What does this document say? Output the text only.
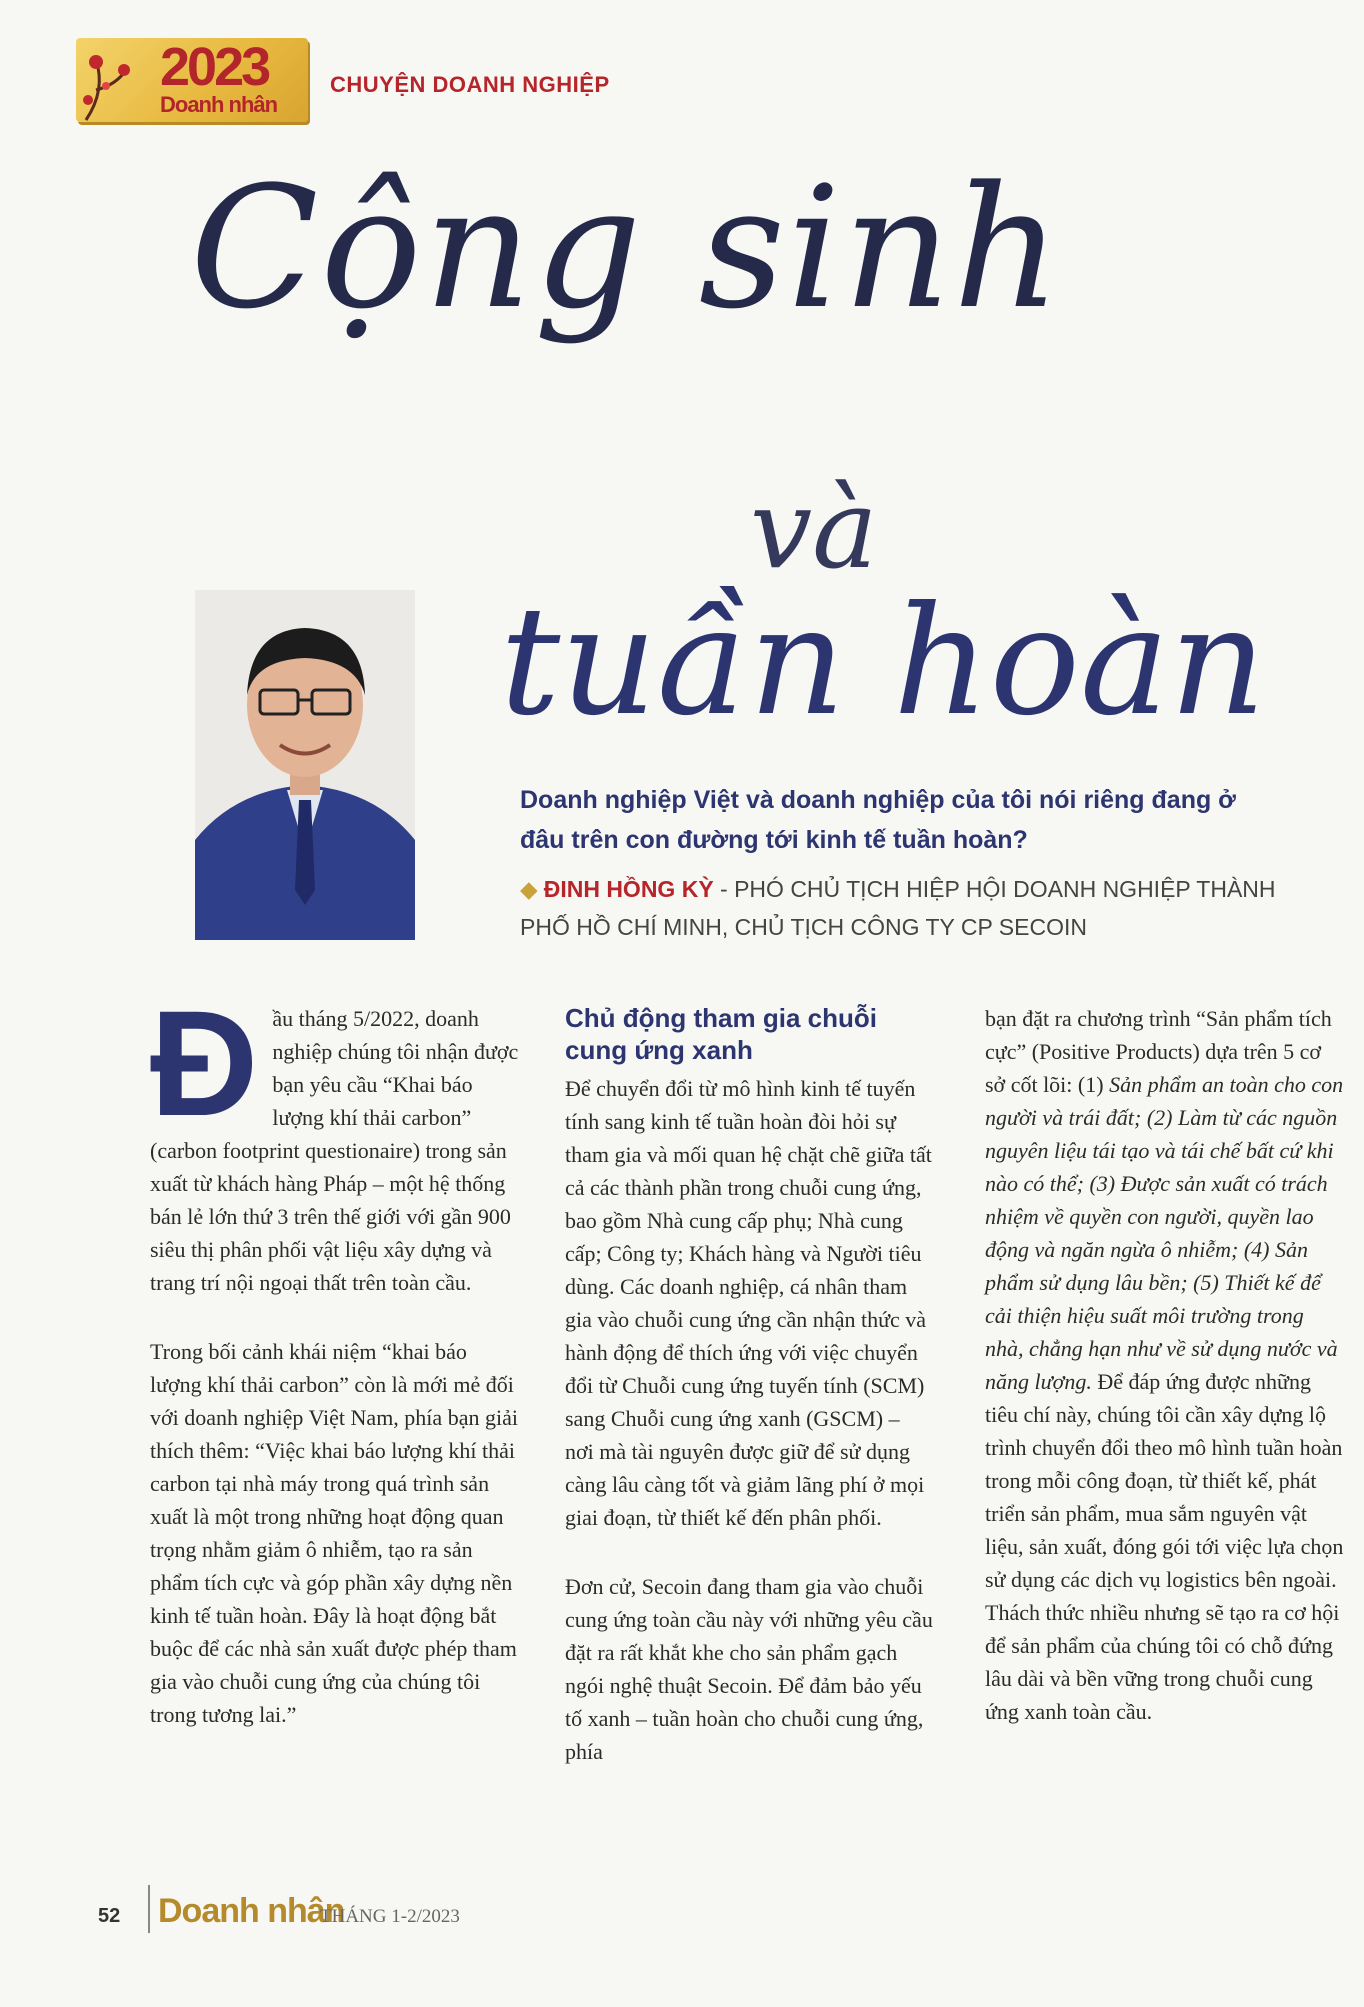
2023
Doanh nhân
CHUYỆN DOANH NGHIỆP
Cộng sinh
và
tuần hoàn
Doanh nghiệp Việt và doanh nghiệp của tôi nói riêng đang ở đâu trên con đường tới kinh tế tuần hoàn?
◆ ĐINH HỒNG KỲ - PHÓ CHỦ TỊCH HIỆP HỘI DOANH NGHIỆP THÀNH PHỐ HỒ CHÍ MINH, CHỦ TỊCH CÔNG TY CP SECOIN
Đ ầu tháng 5/2022, doanh nghiệp chúng tôi nhận được bạn yêu cầu “Khai báo lượng khí thải carbon” (carbon footprint questionaire) trong sản xuất từ khách hàng Pháp – một hệ thống bán lẻ lớn thứ 3 trên thế giới với gần 900 siêu thị phân phối vật liệu xây dựng và trang trí nội ngoại thất trên toàn cầu.

Trong bối cảnh khái niệm “khai báo lượng khí thải carbon” còn là mới mẻ đối với doanh nghiệp Việt Nam, phía bạn giải thích thêm: “Việc khai báo lượng khí thải carbon tại nhà máy trong quá trình sản xuất là một trong những hoạt động quan trọng nhằm giảm ô nhiễm, tạo ra sản phẩm tích cực và góp phần xây dựng nền kinh tế tuần hoàn. Đây là hoạt động bắt buộc để các nhà sản xuất được phép tham gia vào chuỗi cung ứng của chúng tôi trong tương lai.”

Chủ động tham gia chuỗi cung ứng xanh

Để chuyển đổi từ mô hình kinh tế tuyến tính sang kinh tế tuần hoàn đòi hỏi sự tham gia và mối quan hệ chặt chẽ giữa tất cả các thành phần trong chuỗi cung ứng, bao gồm Nhà cung cấp phụ; Nhà cung cấp; Công ty; Khách hàng và Người tiêu dùng. Các doanh nghiệp, cá nhân tham gia vào chuỗi cung ứng cần nhận thức và hành động để thích ứng với việc chuyển đổi từ Chuỗi cung ứng tuyến tính (SCM) sang Chuỗi cung ứng xanh (GSCM) – nơi mà tài nguyên được giữ để sử dụng càng lâu càng tốt và giảm lãng phí ở mọi giai đoạn, từ thiết kế đến phân phối.

Đơn cử, Secoin đang tham gia vào chuỗi cung ứng toàn cầu này với những yêu cầu đặt ra rất khắt khe cho sản phẩm gạch ngói nghệ thuật Secoin. Để đảm bảo yếu tố xanh – tuần hoàn cho chuỗi cung ứng, phía

bạn đặt ra chương trình “Sản phẩm tích cực” (Positive Products) dựa trên 5 cơ sở cốt lõi: (1) Sản phẩm an toàn cho con người và trái đất; (2) Làm từ các nguồn nguyên liệu tái tạo và tái chế bất cứ khi nào có thể; (3) Được sản xuất có trách nhiệm về quyền con người, quyền lao động và ngăn ngừa ô nhiễm; (4) Sản phẩm sử dụng lâu bền; (5) Thiết kế để cải thiện hiệu suất môi trường trong nhà, chẳng hạn như về sử dụng nước và năng lượng. Để đáp ứng được những tiêu chí này, chúng tôi cần xây dựng lộ trình chuyển đổi theo mô hình tuần hoàn trong mỗi công đoạn, từ thiết kế, phát triển sản phẩm, mua sắm nguyên vật liệu, sản xuất, đóng gói tới việc lựa chọn sử dụng các dịch vụ logistics bên ngoài. Thách thức nhiều nhưng sẽ tạo ra cơ hội để sản phẩm của chúng tôi có chỗ đứng lâu dài và bền vững trong chuỗi cung ứng xanh toàn cầu.

52 Doanh nhân
THÁNG 1-2/2023
